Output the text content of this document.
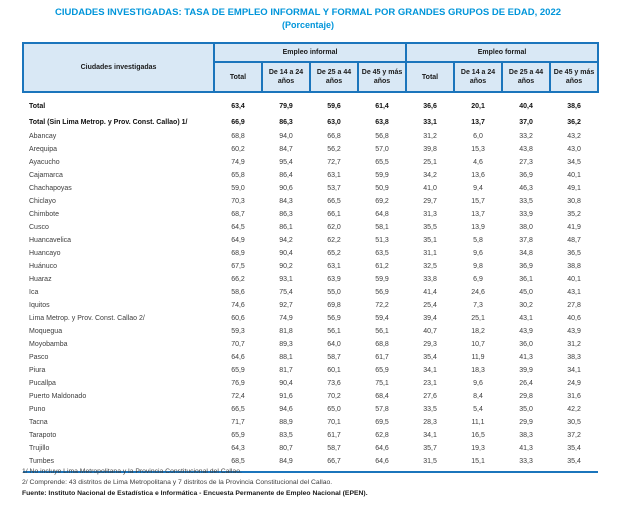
CIUDADES INVESTIGADAS: TASA DE EMPLEO INFORMAL Y FORMAL POR GRANDES GRUPOS DE EDAD, 2022
(Porcentaje)
Ciudades investigadas	Empleo informal				Empleo formal			
	Total	De 14 a 24 años	De 25 a 44 años	De 45 y más años	Total	De 14 a 24 años	De 25 a 44 años	De 45 y más años
Total	63,4	79,9	59,6	61,4	36,6	20,1	40,4	38,6
Total (Sin Lima Metrop. y Prov. Const. Callao) 1/	66,9	86,3	63,0	63,8	33,1	13,7	37,0	36,2
Abancay	68,8	94,0	66,8	56,8	31,2	6,0	33,2	43,2
Arequipa	60,2	84,7	56,2	57,0	39,8	15,3	43,8	43,0
Ayacucho	74,9	95,4	72,7	65,5	25,1	4,6	27,3	34,5
Cajamarca	65,8	86,4	63,1	59,9	34,2	13,6	36,9	40,1
Chachapoyas	59,0	90,6	53,7	50,9	41,0	9,4	46,3	49,1
Chiclayo	70,3	84,3	66,5	69,2	29,7	15,7	33,5	30,8
Chimbote	68,7	86,3	66,1	64,8	31,3	13,7	33,9	35,2
Cusco	64,5	86,1	62,0	58,1	35,5	13,9	38,0	41,9
Huancavelica	64,9	94,2	62,2	51,3	35,1	5,8	37,8	48,7
Huancayo	68,9	90,4	65,2	63,5	31,1	9,6	34,8	36,5
Huánuco	67,5	90,2	63,1	61,2	32,5	9,8	36,9	38,8
Huaraz	66,2	93,1	63,9	59,9	33,8	6,9	36,1	40,1
Ica	58,6	75,4	55,0	56,9	41,4	24,6	45,0	43,1
Iquitos	74,6	92,7	69,8	72,2	25,4	7,3	30,2	27,8
Lima Metrop. y Prov. Const. Callao 2/	60,6	74,9	56,9	59,4	39,4	25,1	43,1	40,6
Moquegua	59,3	81,8	56,1	56,1	40,7	18,2	43,9	43,9
Moyobamba	70,7	89,3	64,0	68,8	29,3	10,7	36,0	31,2
Pasco	64,6	88,1	58,7	61,7	35,4	11,9	41,3	38,3
Piura	65,9	81,7	60,1	65,9	34,1	18,3	39,9	34,1
Pucallpa	76,9	90,4	73,6	75,1	23,1	9,6	26,4	24,9
Puerto Maldonado	72,4	91,6	70,2	68,4	27,6	8,4	29,8	31,6
Puno	66,5	94,6	65,0	57,8	33,5	5,4	35,0	42,2
Tacna	71,7	88,9	70,1	69,5	28,3	11,1	29,9	30,5
Tarapoto	65,9	83,5	61,7	62,8	34,1	16,5	38,3	37,2
Trujillo	64,3	80,7	58,7	64,6	35,7	19,3	41,3	35,4
Tumbes	68,5	84,9	66,7	64,6	31,5	15,1	33,3	35,4
1/ No incluye Lima Metropolitana y la Provincia Constitucional del Callao.
2/ Comprende: 43 distritos de Lima Metropolitana y 7 distritos de la Provincia Constitucional del Callao.
Fuente: Instituto Nacional de Estadística e Informática - Encuesta Permanente de Empleo Nacional (EPEN).
